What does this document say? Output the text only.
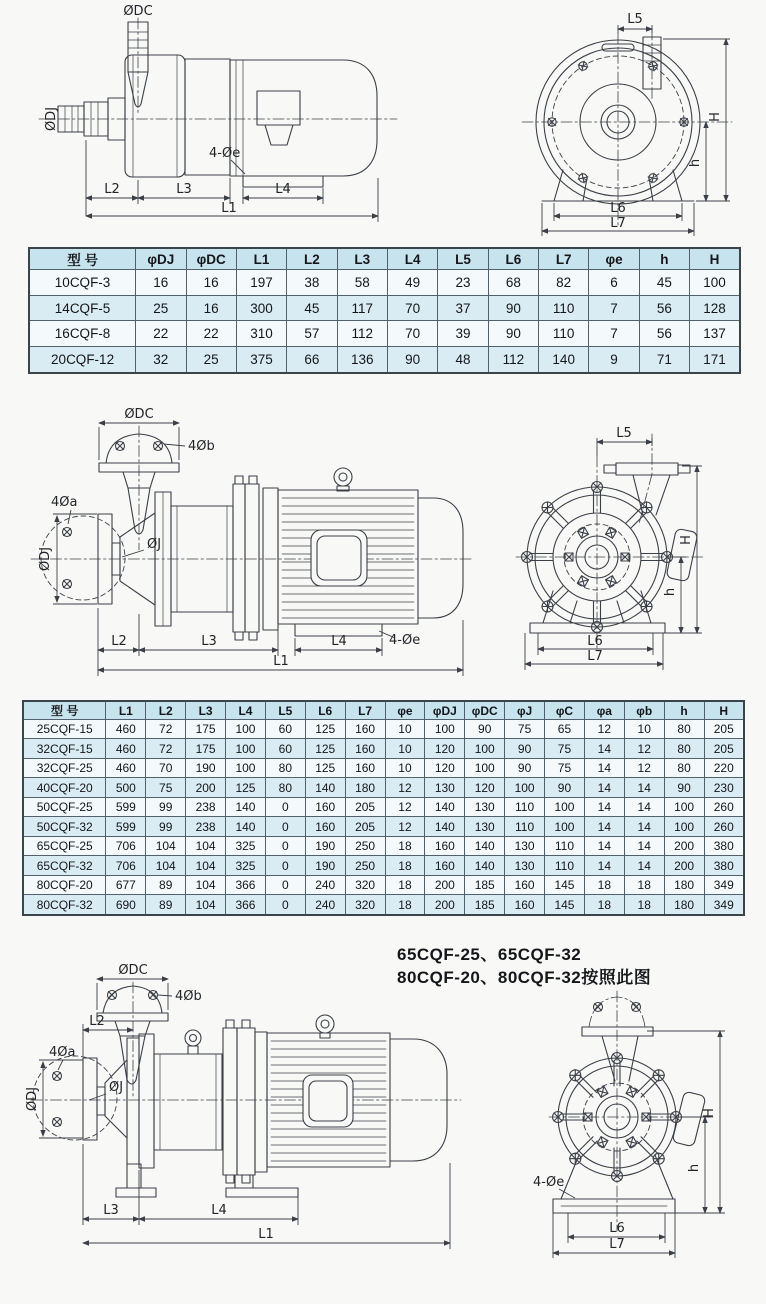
ØDC
ØDJ
4-Øe
L2	L3	L4
L1
L5
H
h
L6
L7
型 号	φDJ	φDC	L1	L2	L3	L4	L5	L6	L7	φe	h	H
10CQF-3	16	16	197	38	58	49	23	68	82	6	45	100
14CQF-5	25	16	300	45	117	70	37	90	110	7	56	128
16CQF-8	22	22	310	57	112	70	39	90	110	7	56	137
20CQF-12	32	25	375	66	136	90	48	112	140	9	71	171
ØDC
4Øb
4Øa
ØJ
ØDJ
4-Øe
L2	L3	L4
L1
L5
H
h
L6
L7
型 号	L1	L2	L3	L4	L5	L6	L7	φe	φDJ	φDC	φJ	φC	φa	φb	h	H
25CQF-15	460	72	175	100	60	125	160	10	100	90	75	65	12	10	80	205
32CQF-15	460	72	175	100	60	125	160	10	120	100	90	75	14	12	80	205
32CQF-25	460	70	190	100	80	125	160	10	120	100	90	75	14	12	80	220
40CQF-20	500	75	200	125	80	140	180	12	130	120	100	90	14	14	90	230
50CQF-25	599	99	238	140	0	160	205	12	140	130	110	100	14	14	100	260
50CQF-32	599	99	238	140	0	160	205	12	140	130	110	100	14	14	100	260
65CQF-25	706	104	104	325	0	190	250	18	160	140	130	110	14	14	200	380
65CQF-32	706	104	104	325	0	190	250	18	160	140	130	110	14	14	200	380
80CQF-20	677	89	104	366	0	240	320	18	200	185	160	145	18	18	180	349
80CQF-32	690	89	104	366	0	240	320	18	200	185	160	145	18	18	180	349
65CQF-25、65CQF-32
80CQF-20、80CQF-32按照此图
ØDC
4Øb
L2
4Øa
ØDJ	ØJ
L3	L4
L1
4-Øe
H
h
L6
L7
